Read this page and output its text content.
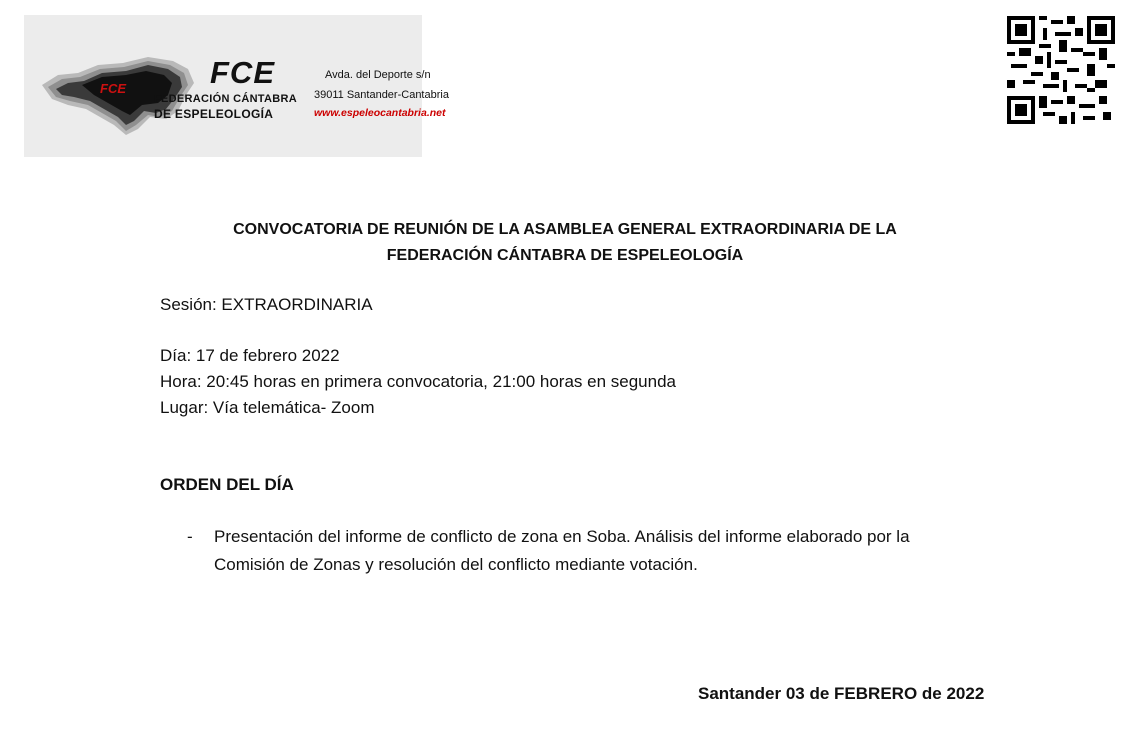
FCE	FCE
FEDERACIÓN CÁNTABRA
DE ESPELEOLOGÍA
Avda. del Deporte s/n
39011 Santander-Cantabria
www.espeleocantabria.net
CONVOCATORIA DE REUNIÓN DE LA ASAMBLEA GENERAL EXTRAORDINARIA DE LA
FEDERACIÓN CÁNTABRA DE ESPELEOLOGÍA
Sesión: EXTRAORDINARIA
Día: 17 de febrero 2022
Hora: 20:45 horas en primera convocatoria, 21:00 horas en segunda
Lugar: Vía telemática- Zoom
ORDEN DEL DÍA
- Presentación del informe de conflicto de zona en Soba. Análisis del informe elaborado por la Comisión de Zonas y resolución del conflicto mediante votación.
Santander 03 de FEBRERO de 2022
